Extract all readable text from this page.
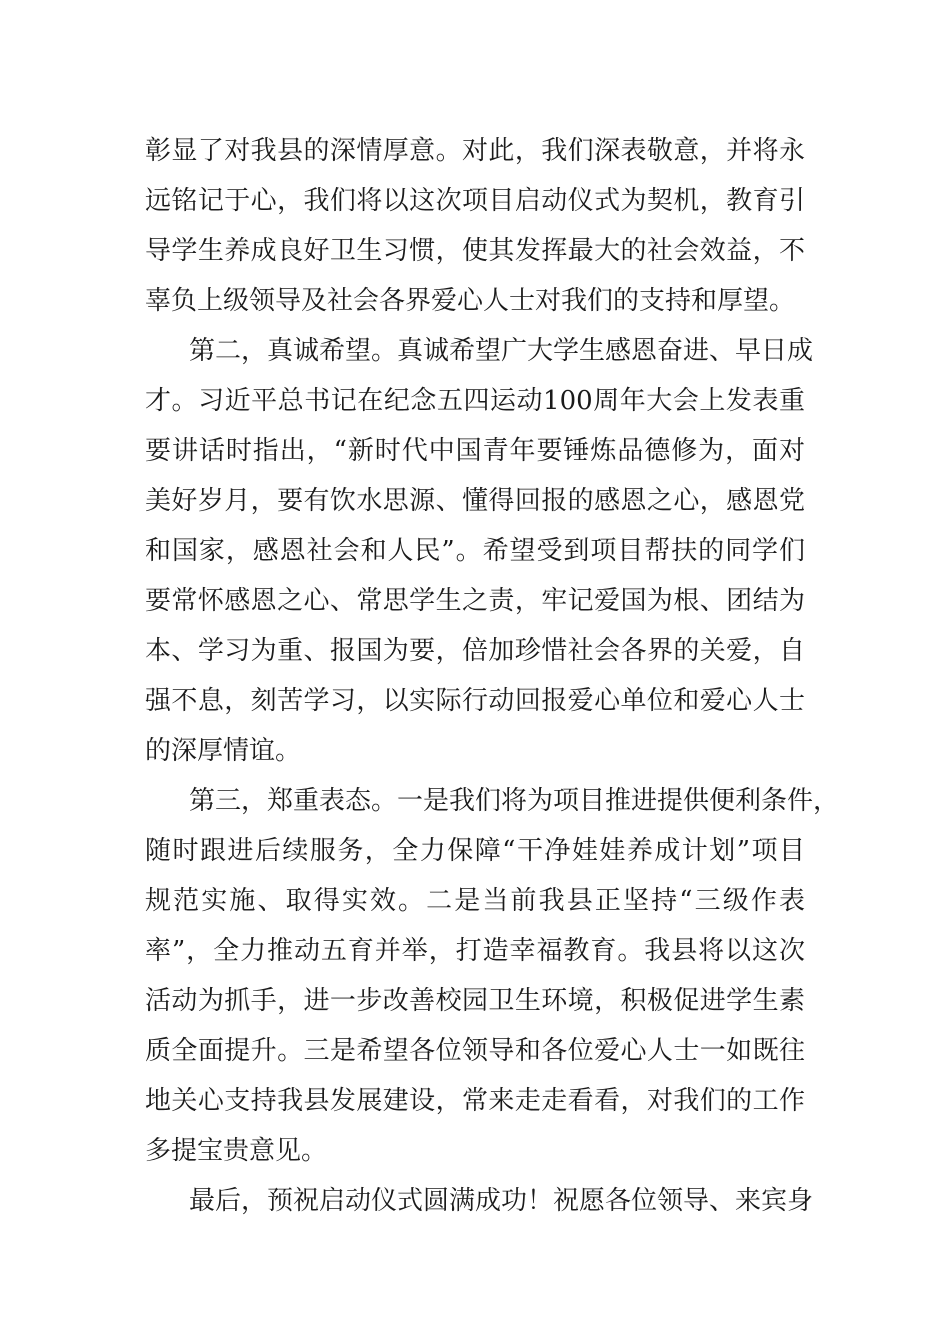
彰显了对我县的深情厚意。对此，我们深表敬意，并将永
远铭记于心，我们将以这次项目启动仪式为契机，教育引
导学生养成良好卫生习惯，使其发挥最大的社会效益，不
辜负上级领导及社会各界爱心人士对我们的支持和厚望。
第二，真诚希望。真诚希望广大学生感恩奋进、早日成
才。习近平总书记在纪念五四运动100周年大会上发表重
要讲话时指出，“新时代中国青年要锤炼品德修为，面对
美好岁月，要有饮水思源、懂得回报的感恩之心，感恩党
和国家，感恩社会和人民”。希望受到项目帮扶的同学们
要常怀感恩之心、常思学生之责，牢记爱国为根、团结为
本、学习为重、报国为要，倍加珍惜社会各界的关爱，自
强不息，刻苦学习，以实际行动回报爱心单位和爱心人士
的深厚情谊。
第三，郑重表态。一是我们将为项目推进提供便利条件，
随时跟进后续服务，全力保障“干净娃娃养成计划”项目
规范实施、取得实效。二是当前我县正坚持“三级作表
率”，全力推动五育并举，打造幸福教育。我县将以这次
活动为抓手，进一步改善校园卫生环境，积极促进学生素
质全面提升。三是希望各位领导和各位爱心人士一如既往
地关心支持我县发展建设，常来走走看看，对我们的工作
多提宝贵意见。
最后，预祝启动仪式圆满成功！祝愿各位领导、来宾身
